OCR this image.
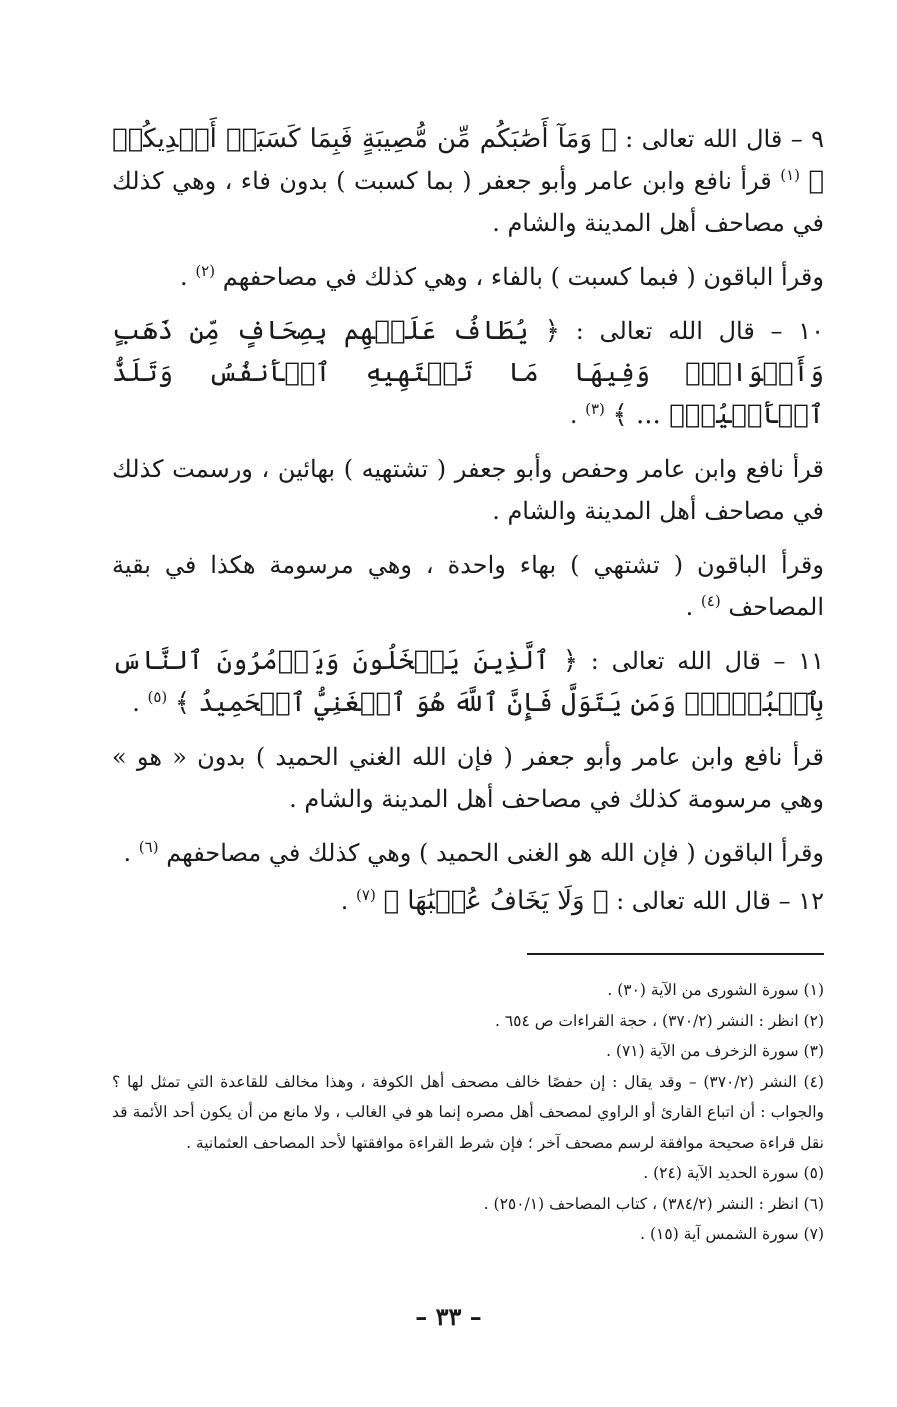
٩ – قال الله تعالى : ﴿ وَمَآ أَصَٰبَكُم مِّن مُّصِيبَةٍ فَبِمَا كَسَبَتۡ أَيۡدِيكُمۡ ﴾ $^{(١)}$ قرأ نافع وابن عامر وأبو جعفر ( بما كسبت ) بدون فاء ، وهي كذلك في مصاحف أهل المدينة والشام .

وقرأ الباقون ( فبما كسبت ) بالفاء ، وهي كذلك في مصاحفهم $^{(٢)}$ .

١٠ – قال الله تعالى : ﴿ يُطَافُ عَلَيۡهِم بِصِحَافٍ مِّن ذَهَبٍ وَأَكۡوَابٍۖ وَفِيهَا مَا تَشۡتَهِيهِ ٱلۡأَنفُسُ وَتَلَذُّ ٱلۡأَعۡيُنُۖ ... ﴾ $^{(٣)}$ .

قرأ نافع وابن عامر وحفص وأبو جعفر ( تشتهيه ) بهائين ، ورسمت كذلك في مصاحف أهل المدينة والشام .

وقرأ الباقون ( تشتهي ) بهاء واحدة ، وهي مرسومة هكذا في بقية المصاحف $^{(٤)}$ .

١١ – قال الله تعالى : ﴿ ٱلَّذِينَ يَبۡخَلُونَ وَيَأۡمُرُونَ ٱلنَّاسَ بِٱلۡبُخۡلِۗ وَمَن يَتَوَلَّ فَإِنَّ ٱللَّهَ هُوَ ٱلۡغَنِيُّ ٱلۡحَمِيدُ ﴾ $^{(٥)}$ .

قرأ نافع وابن عامر وأبو جعفر ( فإن الله الغني الحميد ) بدون « هو » وهي مرسومة كذلك في مصاحف أهل المدينة والشام .

وقرأ الباقون ( فإن الله هو الغنى الحميد ) وهي كذلك في مصاحفهم $^{(٦)}$ .

١٢ – قال الله تعالى : ﴿ وَلَا يَخَافُ عُقۡبَٰهَا ﴾ $^{(٧)}$ .

(١) سورة الشورى من الآية (٣٠) .
(٢) انظر : النشر (٣٧٠/٢) ، حجة القراءات ص ٦٥٤ .
(٣) سورة الزخرف من الآية (٧١) .
(٤) النشر (٣٧٠/٢) – وقد يقال : إن حفصًا خالف مصحف أهل الكوفة ، وهذا مخالف للقاعدة التي تمثل لها ؟ والجواب : أن اتباع القارئ أو الراوي لمصحف أهل مصره إنما هو في الغالب ، ولا مانع من أن يكون أحد الأئمة قد نقل قراءة صحيحة موافقة لرسم مصحف آخر ؛ فإن شرط القراءة موافقتها لأحد المصاحف العثمانية .
(٥) سورة الحديد الآية (٢٤) .
(٦) انظر : النشر (٣٨٤/٢) ، كتاب المصاحف (٢٥٠/١) .
(٧) سورة الشمس آية (١٥) .
– ٣٣ –
